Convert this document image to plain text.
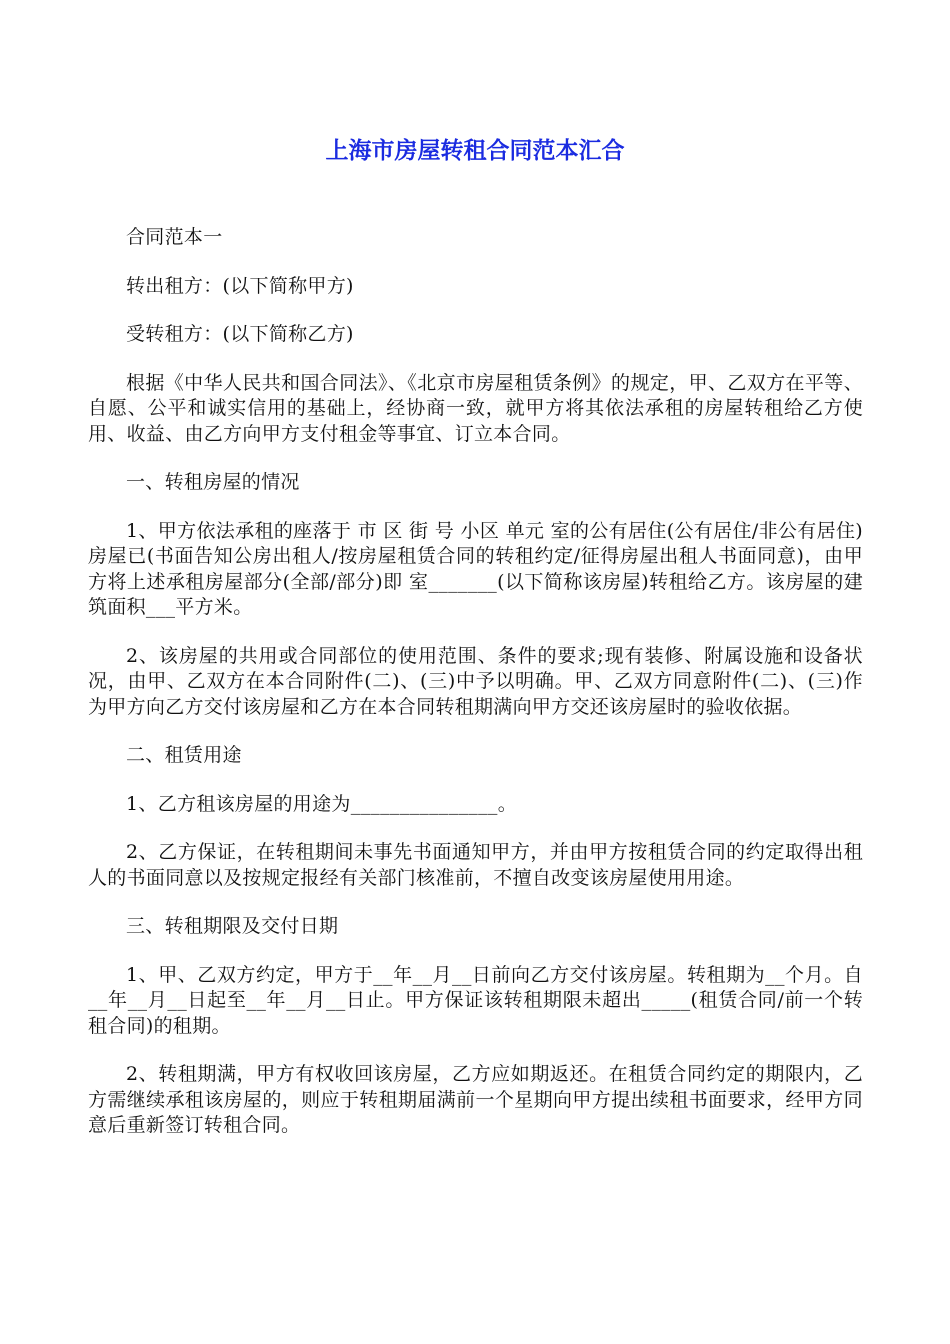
上海市房屋转租合同范本汇合

合同范本一

转出租方：(以下简称甲方)

受转租方：(以下简称乙方)

根据《中华人民共和国合同法》、《北京市房屋租赁条例》的规定，甲、乙双方在平等、自愿、公平和诚实信用的基础上，经协商一致，就甲方将其依法承租的房屋转租给乙方使用、收益、由乙方向甲方支付租金等事宜、订立本合同。

一、转租房屋的情况

1、甲方依法承租的座落于 市 区 街 号 小区 单元 室的公有居住(公有居住/非公有居住)房屋已(书面告知公房出租人/按房屋租赁合同的转租约定/征得房屋出租人书面同意)，由甲方将上述承租房屋部分(全部/部分)即 室_______(以下简称该房屋)转租给乙方。该房屋的建筑面积___平方米。

2、该房屋的共用或合同部位的使用范围、条件的要求;现有装修、附属设施和设备状况，由甲、乙双方在本合同附件(二)、(三)中予以明确。甲、乙双方同意附件(二)、(三)作为甲方向乙方交付该房屋和乙方在本合同转租期满向甲方交还该房屋时的验收依据。

二、租赁用途

1、乙方租该房屋的用途为_______________。

2、乙方保证，在转租期间未事先书面通知甲方，并由甲方按租赁合同的约定取得出租人的书面同意以及按规定报经有关部门核准前，不擅自改变该房屋使用用途。

三、转租期限及交付日期

1、甲、乙双方约定，甲方于__年__月__日前向乙方交付该房屋。转租期为__个月。自__年__月__日起至__年__月__日止。甲方保证该转租期限未超出_____(租赁合同/前一个转租合同)的租期。

2、转租期满，甲方有权收回该房屋，乙方应如期返还。在租赁合同约定的期限内，乙方需继续承租该房屋的，则应于转租期届满前一个星期向甲方提出续租书面要求，经甲方同意后重新签订转租合同。
